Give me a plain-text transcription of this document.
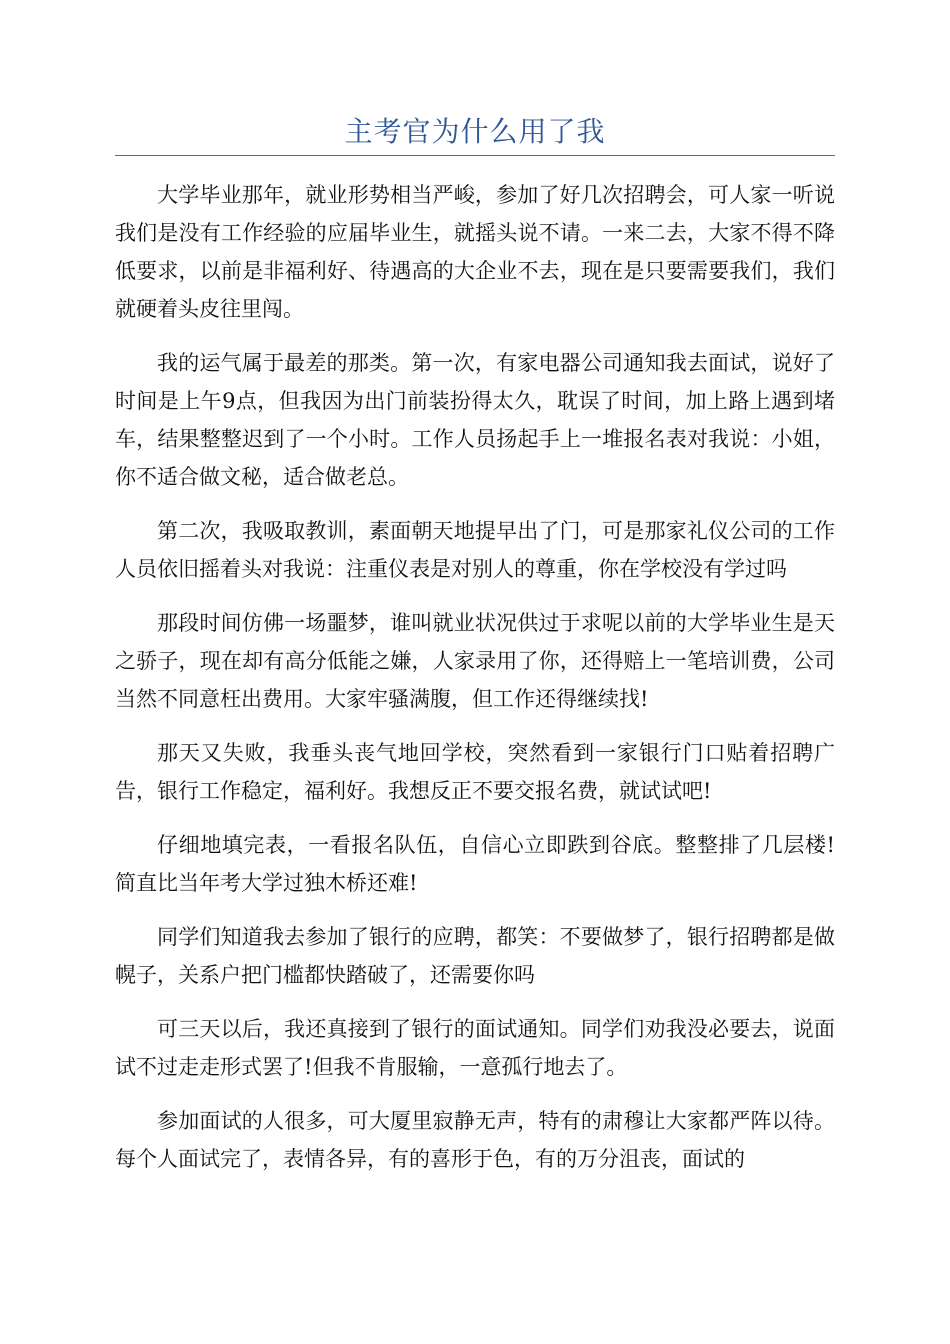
主考官为什么用了我

大学毕业那年，就业形势相当严峻，参加了好几次招聘会，可人家一听说我们是没有工作经验的应届毕业生，就摇头说不请。一来二去，大家不得不降低要求，以前是非福利好、待遇高的大企业不去，现在是只要需要我们，我们就硬着头皮往里闯。

我的运气属于最差的那类。第一次，有家电器公司通知我去面试，说好了时间是上午9点，但我因为出门前装扮得太久，耽误了时间，加上路上遇到堵车，结果整整迟到了一个小时。工作人员扬起手上一堆报名表对我说：小姐，你不适合做文秘，适合做老总。

第二次，我吸取教训，素面朝天地提早出了门，可是那家礼仪公司的工作人员依旧摇着头对我说：注重仪表是对别人的尊重，你在学校没有学过吗

那段时间仿佛一场噩梦，谁叫就业状况供过于求呢以前的大学毕业生是天之骄子，现在却有高分低能之嫌，人家录用了你，还得赔上一笔培训费，公司当然不同意枉出费用。大家牢骚满腹，但工作还得继续找!

那天又失败，我垂头丧气地回学校，突然看到一家银行门口贴着招聘广告，银行工作稳定，福利好。我想反正不要交报名费，就试试吧!

仔细地填完表，一看报名队伍，自信心立即跌到谷底。整整排了几层楼!简直比当年考大学过独木桥还难!

同学们知道我去参加了银行的应聘，都笑：不要做梦了，银行招聘都是做幌子，关系户把门槛都快踏破了，还需要你吗

可三天以后，我还真接到了银行的面试通知。同学们劝我没必要去，说面试不过走走形式罢了!但我不肯服输，一意孤行地去了。

参加面试的人很多，可大厦里寂静无声，特有的肃穆让大家都严阵以待。每个人面试完了，表情各异，有的喜形于色，有的万分沮丧，面试的
